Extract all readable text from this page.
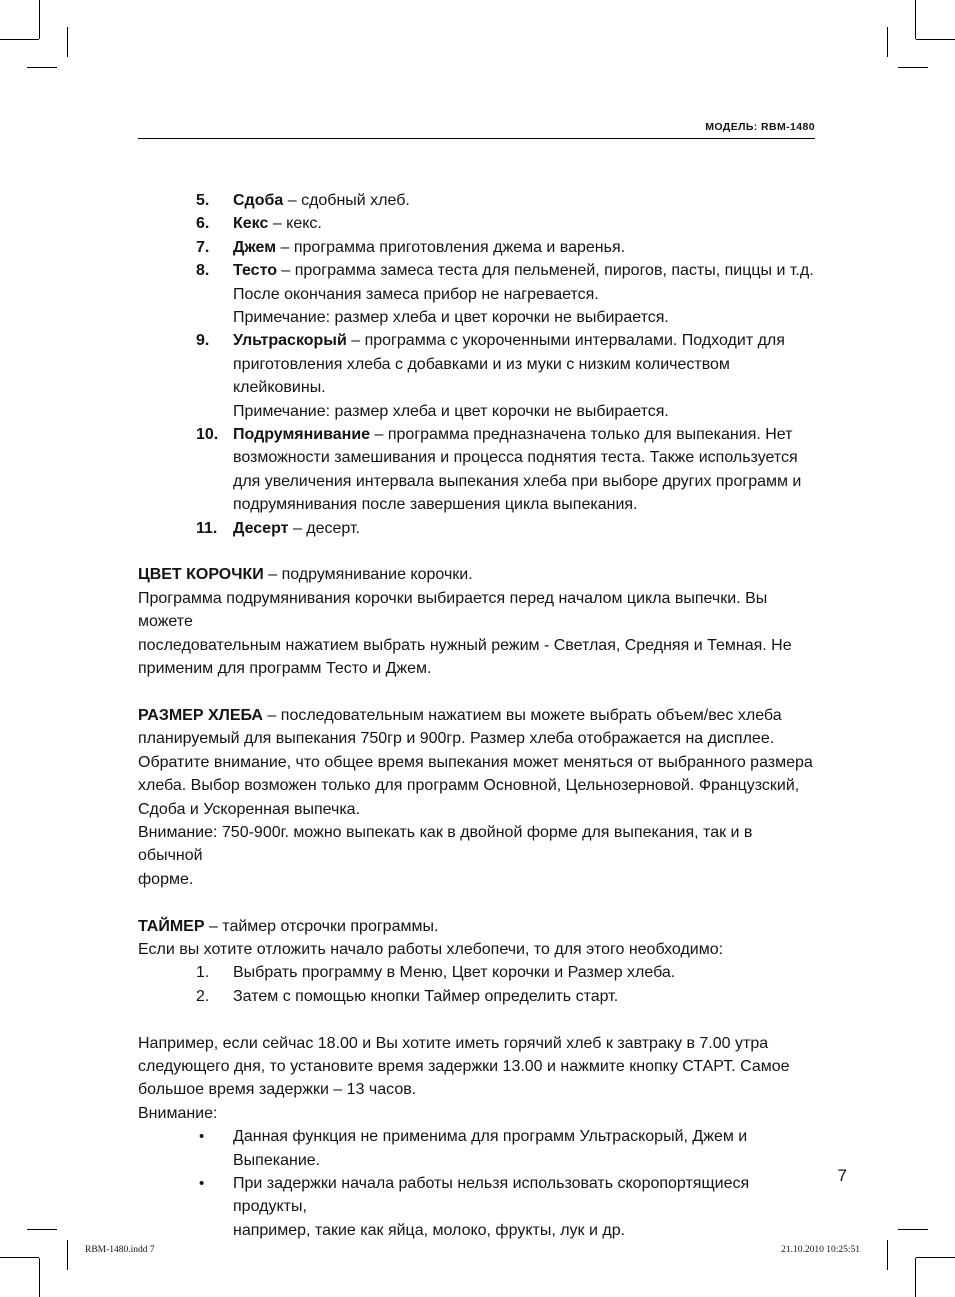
МОДЕЛЬ: RBM-1480
5.	Сдоба – сдобный хлеб.

6.	Кекс – кекс.

7.	Джем – программа приготовления джема и варенья.

8.	Тесто – программа замеса теста для пельменей, пирогов, пасты, пиццы и т.д.

После окончания замеса прибор не нагревается.

Примечание: размер хлеба и цвет корочки не выбирается.

9.	Ультраскорый – программа с укороченными интервалами. Подходит для

приготовления хлеба с добавками и из муки с низким количеством клейковины.

Примечание: размер хлеба и цвет корочки не выбирается.

10. Подрумянивание – программа предназначена только для выпекания. Нет

возможности замешивания и процесса поднятия теста. Также используется

для увеличения интервала выпекания хлеба при выборе других программ и

подрумянивания после завершения цикла выпекания.

11. Десерт – десерт.

ЦВЕТ КОРОЧКИ – подрумянивание корочки.

Программа подрумянивания корочки выбирается перед началом цикла выпечки. Вы можете

последовательным нажатием выбрать нужный режим - Светлая, Средняя и Темная. Не

применим для программ Тесто и Джем.

РАЗМЕР ХЛЕБА – последовательным нажатием вы можете выбрать объем/вес хлеба

планируемый для выпекания 750гр и 900гр. Размер хлеба отображается на дисплее.

Обратите внимание, что общее время выпекания может меняться от выбранного размера

хлеба. Выбор возможен только для программ Основной, Цельнозерновой. Французский,

Сдоба и Ускоренная выпечка.

Внимание: 750-900г. можно выпекать как в двойной форме для выпекания, так и в обычной

форме.

ТАЙМЕР – таймер отсрочки программы.

Если вы хотите отложить начало работы хлебопечи, то для этого необходимо:

1.	Выбрать программу в Меню, Цвет корочки и Размер хлеба.
2.	Затем с помощью кнопки Таймер определить старт.

Например, если сейчас 18.00 и Вы хотите иметь горячий хлеб к завтраку в 7.00 утра

следующего дня, то установите время задержки 13.00 и нажмите кнопку СТАРТ. Самое

большое время задержки – 13 часов.

Внимание:

•	Данная функция не применима для программ Ультраскорый, Джем и

Выпекание.

•	При задержки начала работы нельзя использовать скоропортящиеся продукты,

например, такие как яйца, молоко, фрукты, лук и др.

7
RBM-1480.indd 7	21.10.2010 10:25:51
